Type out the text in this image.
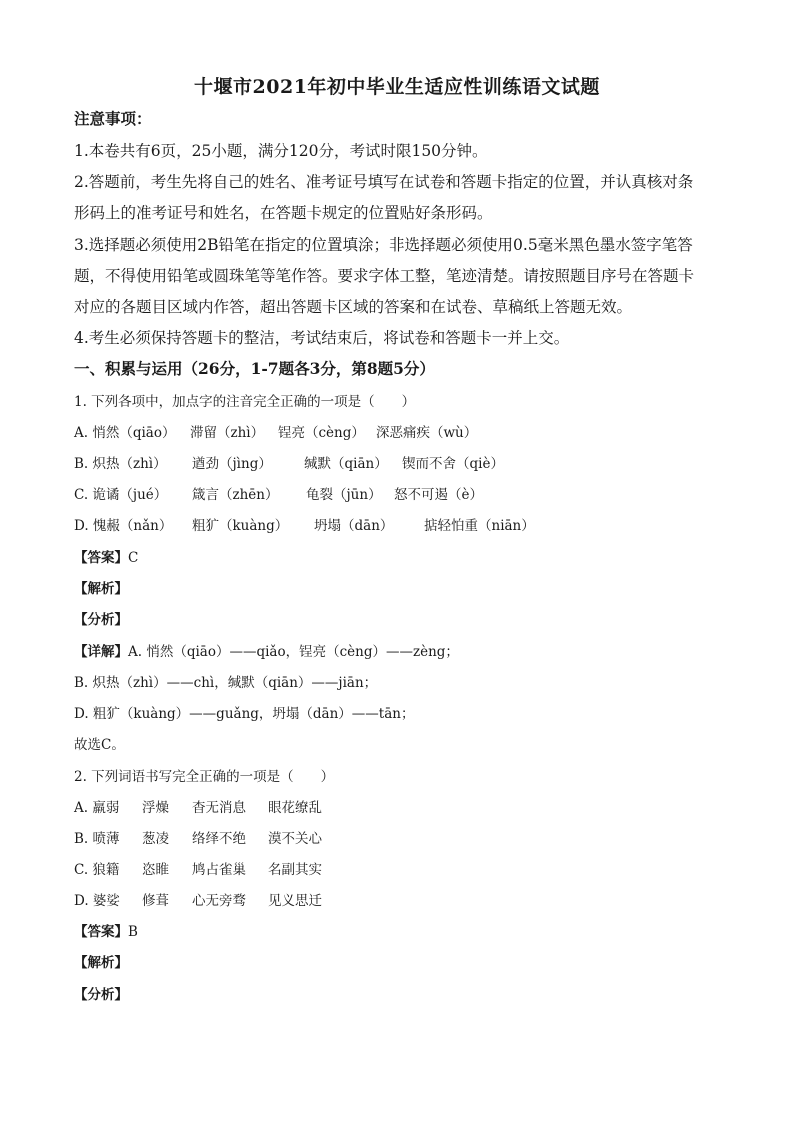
十堰市2021年初中毕业生适应性训练语文试题
注意事项：
1.本卷共有6页，25小题，满分120分，考试时限150分钟。
2.答题前，考生先将自己的姓名、准考证号填写在试卷和答题卡指定的位置，并认真核对条
形码上的准考证号和姓名，在答题卡规定的位置贴好条形码。
3.选择题必须使用2B铅笔在指定的位置填涂；非选择题必须使用0.5毫米黑色墨水签字笔答
题，不得使用铅笔或圆珠笔等笔作答。要求字体工整，笔迹清楚。请按照题目序号在答题卡
对应的各题目区域内作答，超出答题卡区域的答案和在试卷、草稿纸上答题无效。
4.考生必须保持答题卡的整洁，考试结束后，将试卷和答题卡一并上交。
一、积累与运用（26分，1-7题各3分，第8题5分）
1. 下列各项中，加点字的注音完全正确的一项是（　　）
A. 悄然（qiāo） 滞留（zhì） 锃亮（cèng） 深恶痛疾（wù）
B. 炽热（zhì） 遒劲（jìng） 缄默（qiān） 锲而不舍（qiè）
C. 诡谲（jué） 箴言（zhēn） 龟裂（jūn） 怒不可遏（è）
D. 愧赧（nǎn） 粗犷（kuàng） 坍塌（dān） 掂轻怕重（niān）
【答案】C
【解析】
【分析】
【详解】A. 悄然（qiāo）——qiǎo，锃亮（cèng）——zèng；
B. 炽热（zhì）——chì，缄默（qiān）——jiān；
D. 粗犷（kuàng）——guǎng，坍塌（dān）——tān；
故选C。
2. 下列词语书写完全正确的一项是（　　）
A. 羸弱 浮燥 杳无消息 眼花缭乱
B. 喷薄 葱凌 络绎不绝 漠不关心
C. 狼籍 恣睢 鸠占雀巢 名副其实
D. 婆娑 修葺 心无旁骛 见义思迁
【答案】B
【解析】
【分析】
